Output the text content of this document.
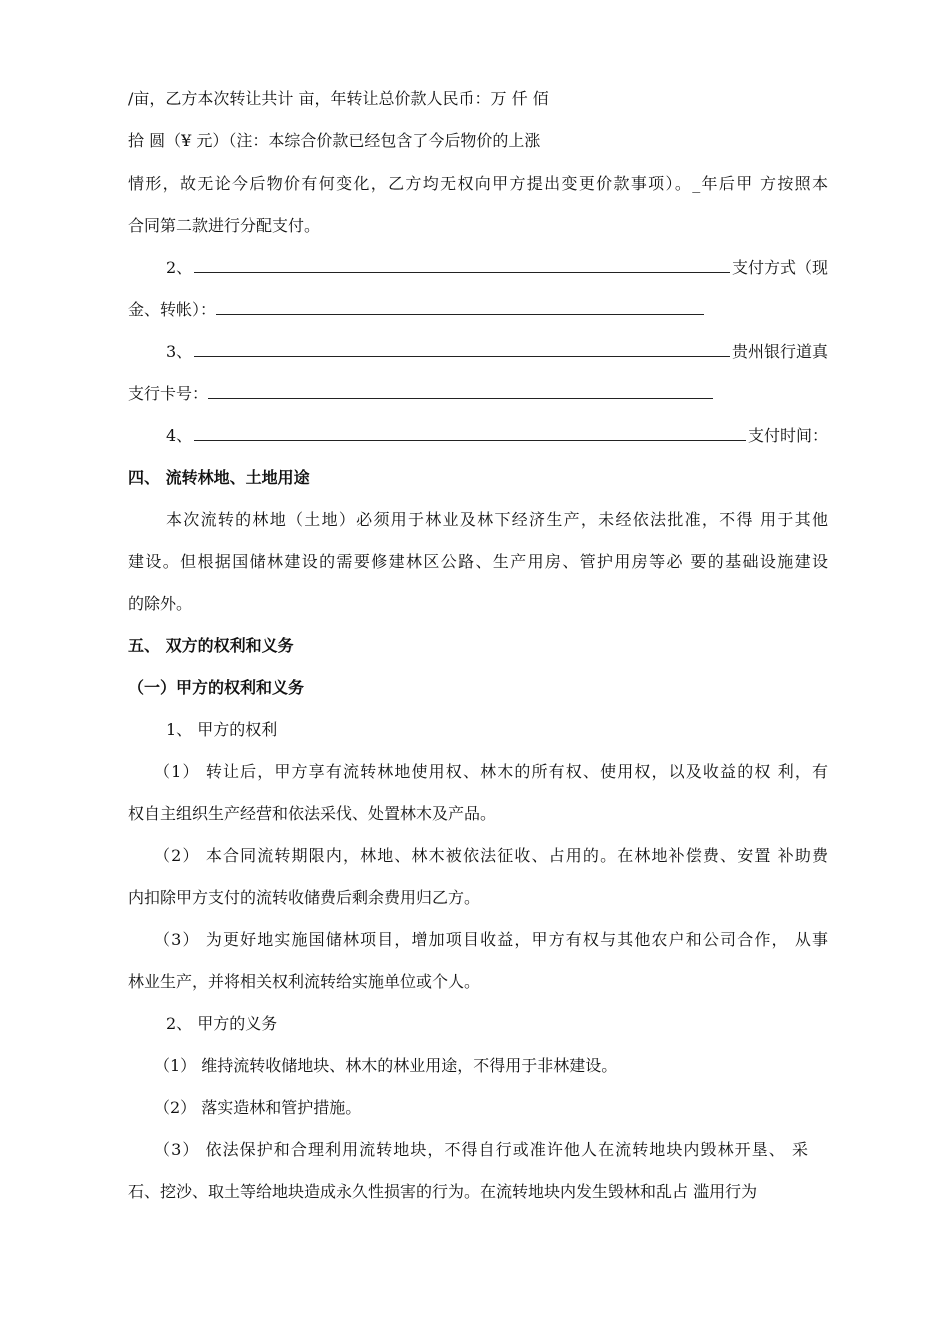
/亩，乙方本次转让共计 亩，年转让总价款人民币：万 仟 佰
拾 圆（¥ 元）（注：本综合价款已经包含了今后物价的上涨
情形，故无论今后物价有何变化，乙方均无权向甲方提出变更价款事项）。_年后甲 方按照本
合同第二款进行分配支付。
2、	支付方式（现
金、转帐）：
3、	贵州银行道真
支行卡号：
4、	支付时间：
四、 流转林地、土地用途
本次流转的林地（土地）必须用于林业及林下经济生产，未经依法批准，不得 用于其他
建设。但根据国储林建设的需要修建林区公路、生产用房、管护用房等必 要的基础设施建设
的除外。
五、 双方的权利和义务
（一）甲方的权利和义务
1、 甲方的权利
（1） 转让后，甲方享有流转林地使用权、林木的所有权、使用权，以及收益的权 利，有
权自主组织生产经营和依法采伐、处置林木及产品。
（2） 本合同流转期限内，林地、林木被依法征收、占用的。在林地补偿费、安置 补助费
内扣除甲方支付的流转收储费后剩余费用归乙方。
（3） 为更好地实施国储林项目，增加项目收益，甲方有权与其他农户和公司合作， 从事
林业生产，并将相关权利流转给实施单位或个人。
2、 甲方的义务
（1） 维持流转收储地块、林木的林业用途，不得用于非林建设。
（2） 落实造林和管护措施。
（3） 依法保护和合理利用流转地块，不得自行或准许他人在流转地块内毁林开垦、 采
石、挖沙、取土等给地块造成永久性损害的行为。在流转地块内发生毁林和乱占 滥用行为
